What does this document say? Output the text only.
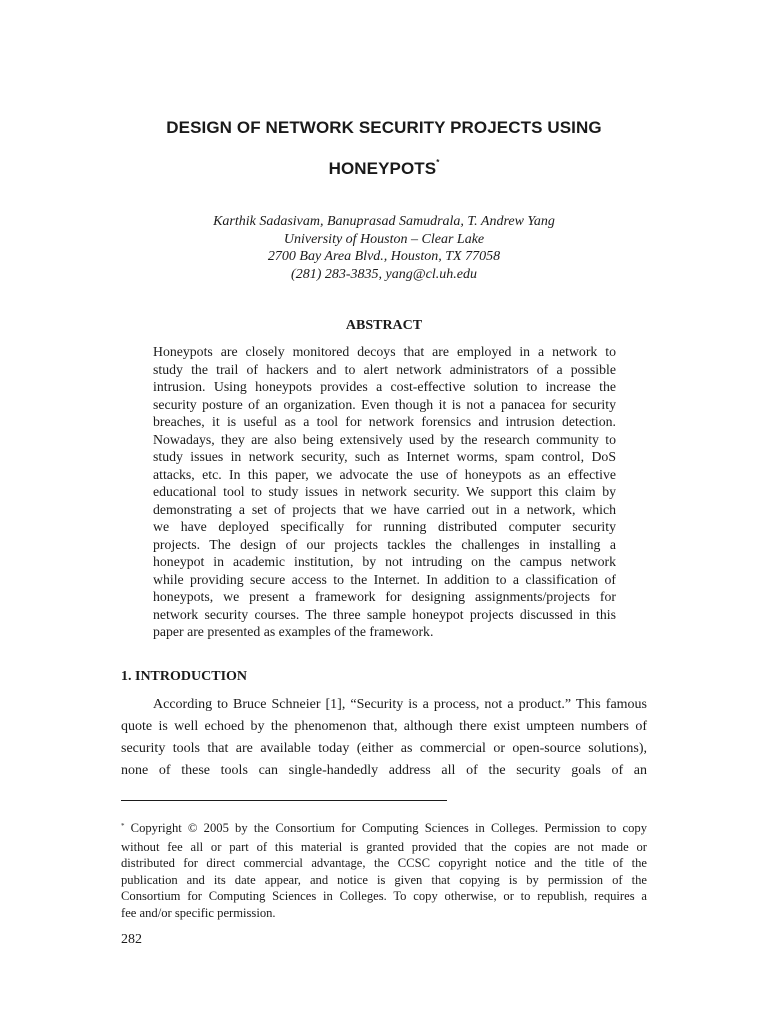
DESIGN OF NETWORK SECURITY PROJECTS USING
HONEYPOTS*
Karthik Sadasivam, Banuprasad Samudrala, T. Andrew Yang
University of Houston – Clear Lake
2700 Bay Area Blvd., Houston, TX 77058
(281) 283-3835, yang@cl.uh.edu
ABSTRACT
Honeypots are closely monitored decoys that are employed in a network to
study the trail of hackers and to alert network administrators of a possible
intrusion. Using honeypots provides a cost-effective solution to increase the
security posture of an organization. Even though it is not a panacea for security
breaches, it is useful as a tool for network forensics and intrusion detection.
Nowadays, they are also being extensively used by the research community to
study issues in network security, such as Internet worms, spam control, DoS
attacks, etc. In this paper, we advocate the use of honeypots as an effective
educational tool to study issues in network security. We support this claim by
demonstrating a set of projects that we have carried out in a network, which
we have deployed specifically for running distributed computer security
projects. The design of our projects tackles the challenges in installing a
honeypot in academic institution, by not intruding on the campus network
while providing secure access to the Internet. In addition to a classification of
honeypots, we present a framework for designing assignments/projects for
network security courses. The three sample honeypot projects discussed in this
paper are presented as examples of the framework.
1. INTRODUCTION
According to Bruce Schneier [1], “Security is a process, not a product.” This famous
quote is well echoed by the phenomenon that, although there exist umpteen numbers of
security tools that are available today (either as commercial or open-source solutions),
none of these tools can single-handedly address all of the security goals of an
* Copyright © 2005 by the Consortium for Computing Sciences in Colleges. Permission to copy
without fee all or part of this material is granted provided that the copies are not made or
distributed for direct commercial advantage, the CCSC copyright notice and the title of the
publication and its date appear, and notice is given that copying is by permission of the
Consortium for Computing Sciences in Colleges. To copy otherwise, or to republish, requires a
fee and/or specific permission.
282
